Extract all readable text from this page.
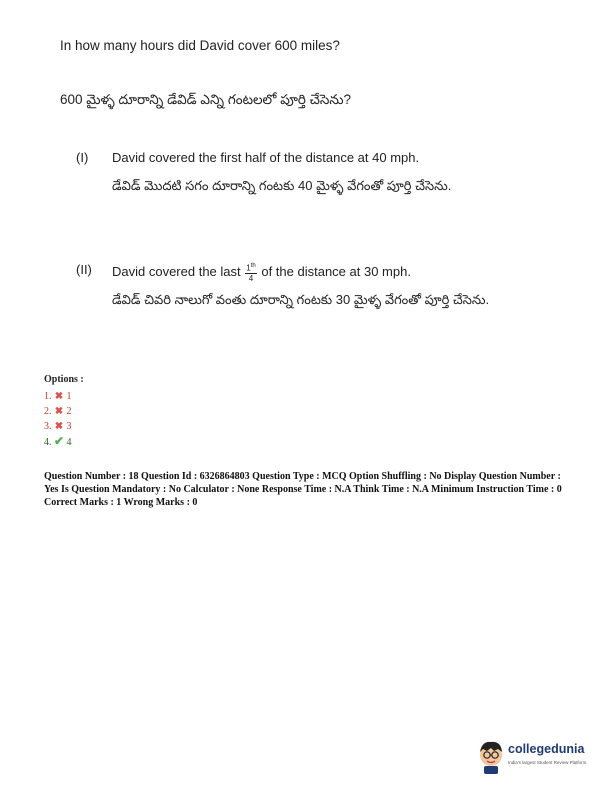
In how many hours did David cover 600 miles?
600 మైళ్ళ దూరాన్ని డేవిడ్ ఎన్ని గంటలలో పూర్తి చేసెను?
(I) David covered the first half of the distance at 40 mph.
డేవిడ్ మొదటి సగం దూరాన్ని గంటకు 40 మైళ్ళ వేగంతో పూర్తి చేసెను.
(II) David covered the last $\frac{1^{th}}{4}$ of the distance at 30 mph.
డేవిడ్ చివరి నాలుగో వంతు దూరాన్ని గంటకు 30 మైళ్ళ వేగంతో పూర్తి చేసెను.
Options :
1. ✖ 1
2. ✖ 2
3. ✖ 3
4. ✔ 4

Question Number : 18 Question Id : 6326864803 Question Type : MCQ Option Shuffling : No Display Question Number : Yes Is Question Mandatory : No Calculator : None Response Time : N.A Think Time : N.A Minimum Instruction Time : 0

Correct Marks : 1 Wrong Marks : 0

collegedunia
India's largest Student Review Platform
